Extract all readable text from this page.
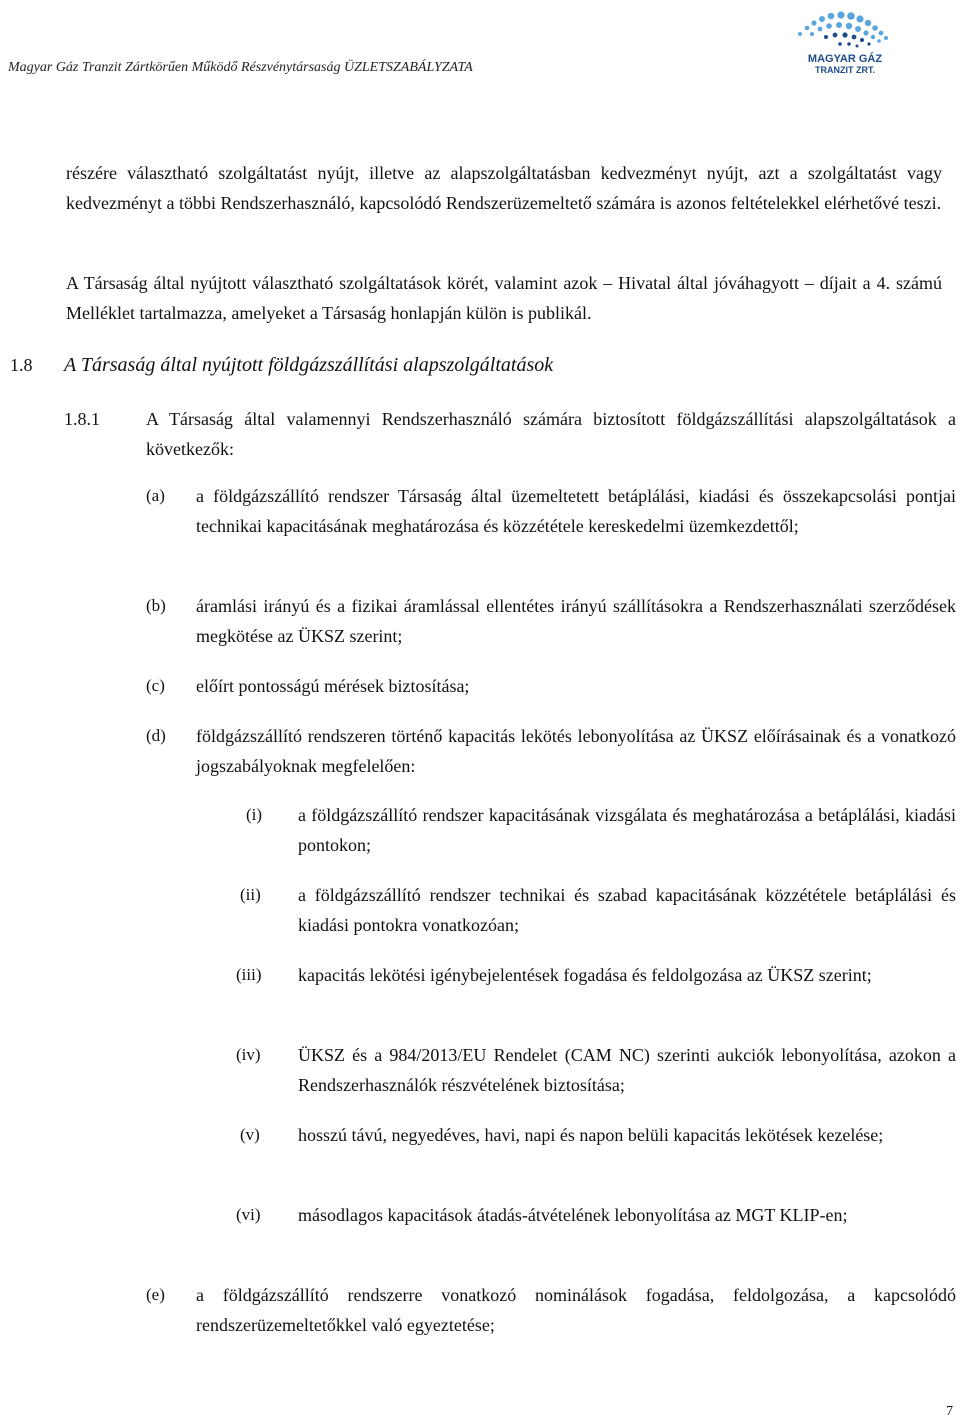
Magyar Gáz Tranzit Zártkörűen Működő Részvénytársaság ÜZLETSZABÁLYZATA
MAGYAR GÁZ
TRANZIT ZRT.

részére választható szolgáltatást nyújt, illetve az alapszolgáltatásban kedvezményt nyújt, azt a szolgáltatást vagy kedvezményt a többi Rendszerhasználó, kapcsolódó Rendszerüzemeltető számára is azonos feltételekkel elérhetővé teszi.

A Társaság által nyújtott választható szolgáltatások körét, valamint azok – Hivatal által jóváhagyott – díjait a 4. számú Melléklet tartalmazza, amelyeket a Társaság honlapján külön is publikál.

1.8 A Társaság által nyújtott földgázszállítási alapszolgáltatások
1.8.1	A Társaság által valamennyi Rendszerhasználó számára biztosított földgázszállítási alapszolgáltatások a következők:

(a) a földgázszállító rendszer Társaság által üzemeltetett betáplálási, kiadási és összekapcsolási pontjai technikai kapacitásának meghatározása és közzététele kereskedelmi üzemkezdettől;

(b) áramlási irányú és a fizikai áramlással ellentétes irányú szállításokra a Rendszerhasználati szerződések megkötése az ÜKSZ szerint;

(c) előírt pontosságú mérések biztosítása;

(d) földgázszállító rendszeren történő kapacitás lekötés lebonyolítása az ÜKSZ előírásainak és a vonatkozó jogszabályoknak megfelelően:

(i) a földgázszállító rendszer kapacitásának vizsgálata és meghatározása a betáplálási, kiadási pontokon;

(ii) a földgázszállító rendszer technikai és szabad kapacitásának közzététele betáplálási és kiadási pontokra vonatkozóan;

(iii) kapacitás lekötési igénybejelentések fogadása és feldolgozása az ÜKSZ szerint;

(iv) ÜKSZ és a 984/2013/EU Rendelet (CAM NC) szerinti aukciók lebonyolítása, azokon a Rendszerhasználók részvételének biztosítása;

(v) hosszú távú, negyedéves, havi, napi és napon belüli kapacitás lekötések kezelése;

(vi) másodlagos kapacitások átadás-átvételének lebonyolítása az MGT KLIP-en;

(e) a földgázszállító rendszerre vonatkozó nominálások fogadása, feldolgozása, a kapcsolódó rendszerüzemeltetőkkel való egyeztetése;

7
